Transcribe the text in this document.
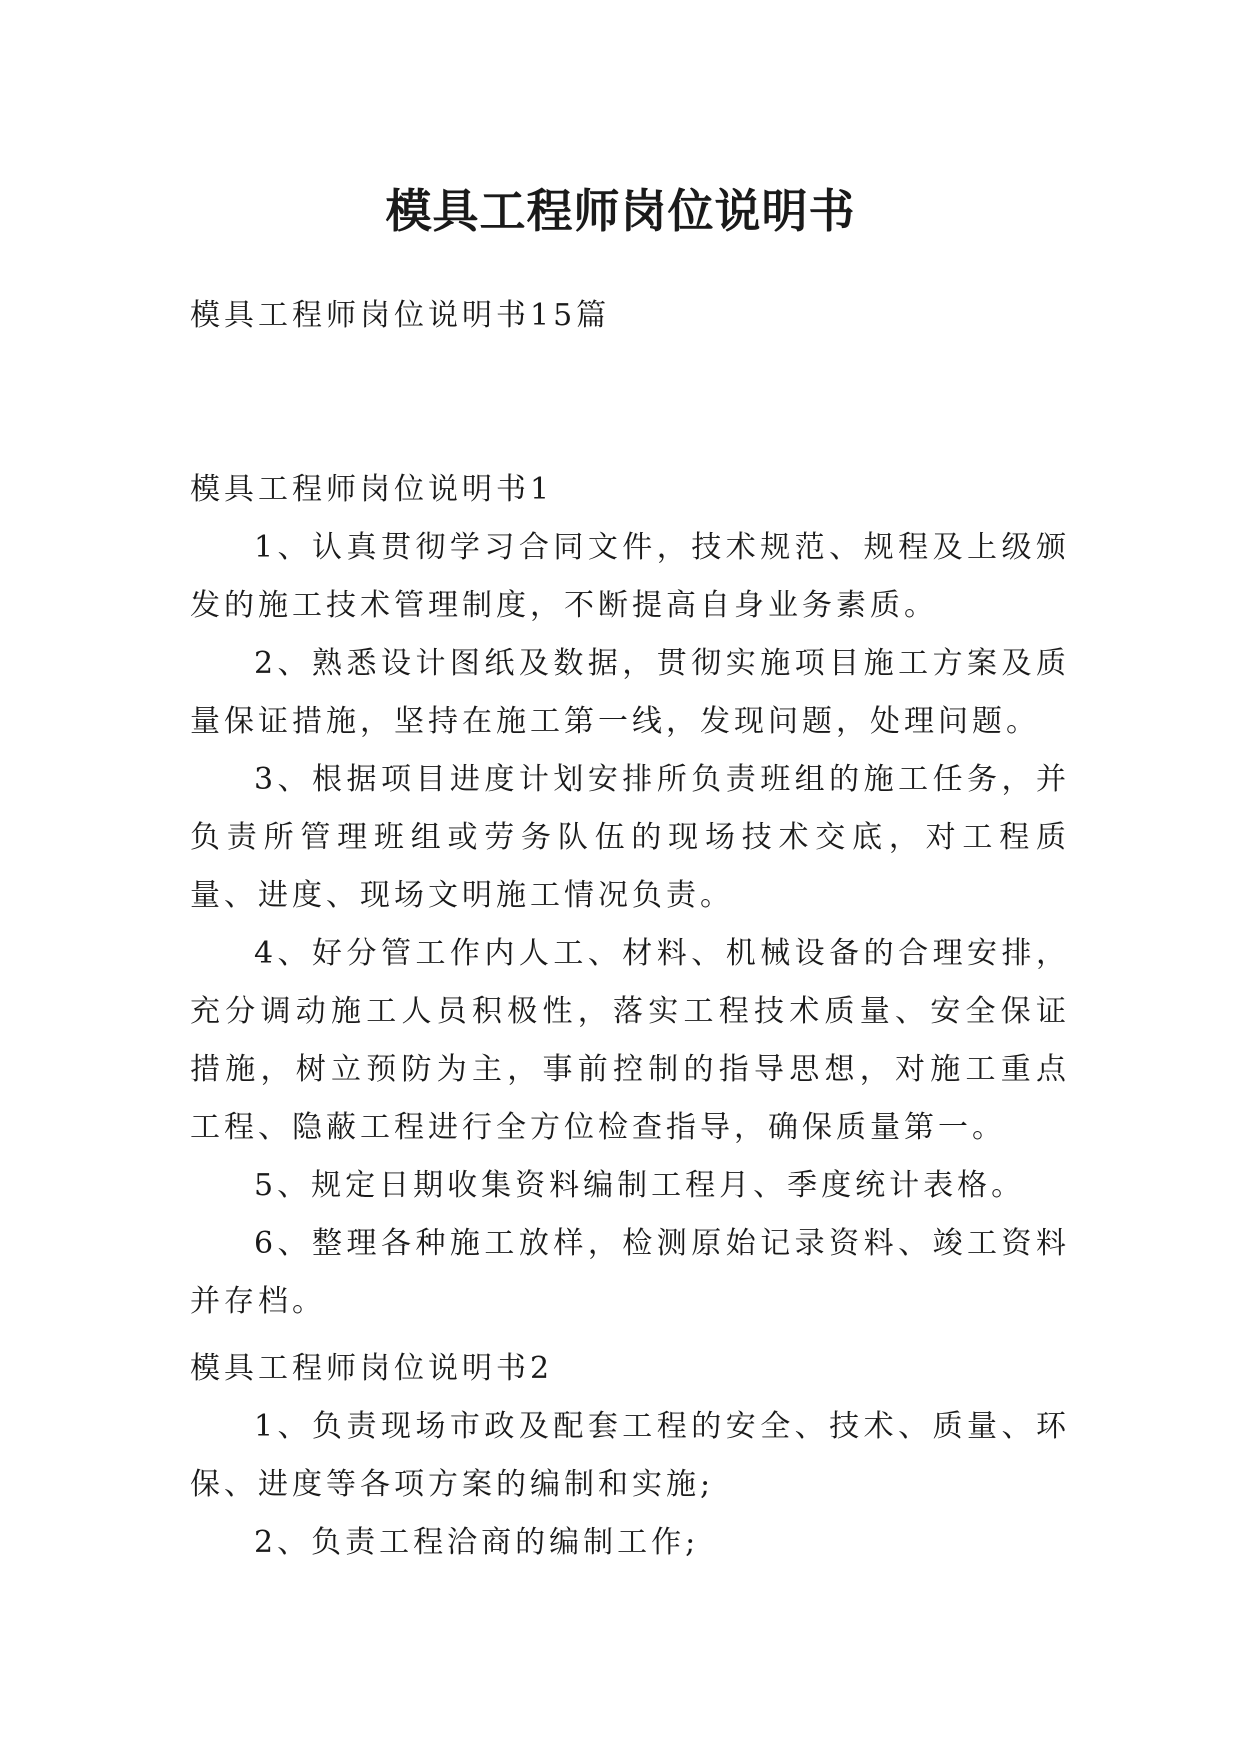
模具工程师岗位说明书

模具工程师岗位说明书15篇

模具工程师岗位说明书1

1、认真贯彻学习合同文件，技术规范、规程及上级颁发的施工技术管理制度，不断提高自身业务素质。

2、熟悉设计图纸及数据，贯彻实施项目施工方案及质量保证措施，坚持在施工第一线，发现问题，处理问题。

3、根据项目进度计划安排所负责班组的施工任务，并负责所管理班组或劳务队伍的现场技术交底，对工程质量、进度、现场文明施工情况负责。

4、好分管工作内人工、材料、机械设备的合理安排，充分调动施工人员积极性，落实工程技术质量、安全保证措施，树立预防为主，事前控制的指导思想，对施工重点工程、隐蔽工程进行全方位检查指导，确保质量第一。

5、规定日期收集资料编制工程月、季度统计表格。

6、整理各种施工放样，检测原始记录资料、竣工资料并存档。

模具工程师岗位说明书2

1、负责现场市政及配套工程的安全、技术、质量、环保、进度等各项方案的编制和实施;

2、负责工程洽商的编制工作;
